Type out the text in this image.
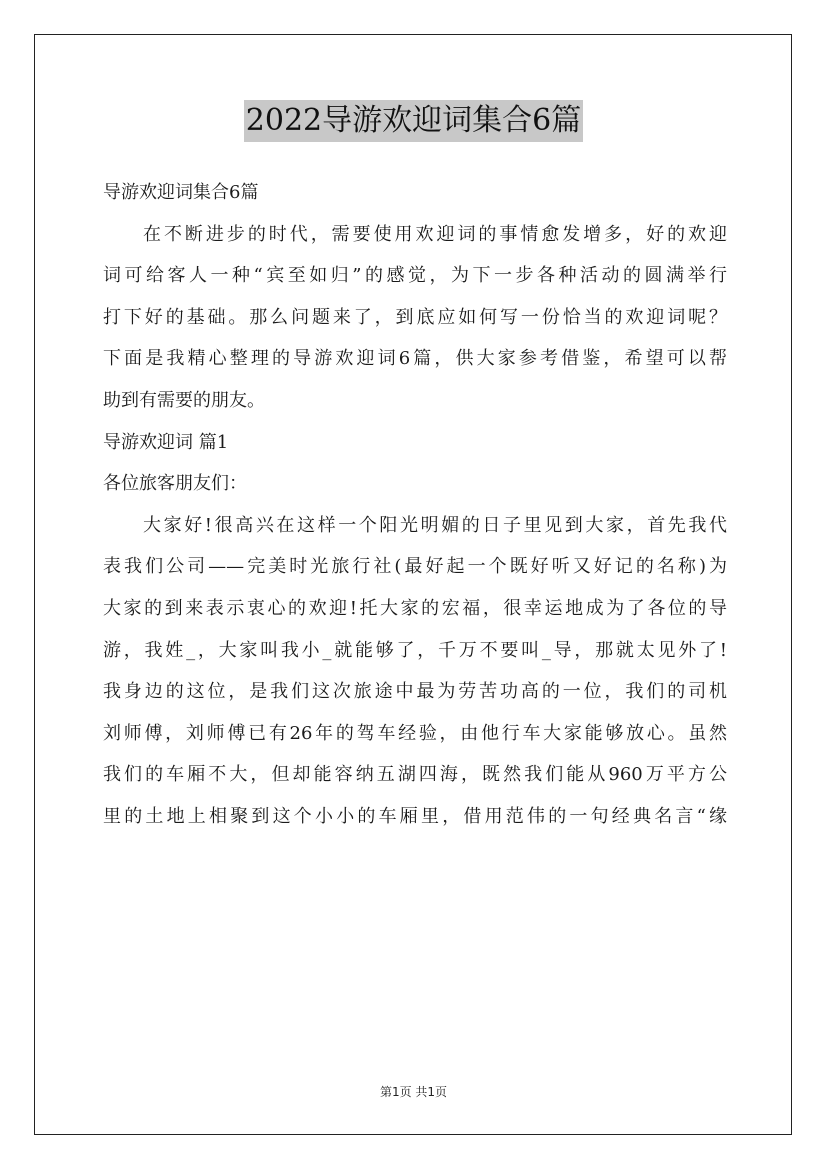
2022导游欢迎词集合6篇
导游欢迎词集合6篇
在不断进步的时代，需要使用欢迎词的事情愈发增多，好的欢迎
词可给客人一种“宾至如归”的感觉，为下一步各种活动的圆满举行
打下好的基础。那么问题来了，到底应如何写一份恰当的欢迎词呢？
下面是我精心整理的导游欢迎词6篇，供大家参考借鉴，希望可以帮
助到有需要的朋友。
导游欢迎词 篇1
各位旅客朋友们：
大家好!很高兴在这样一个阳光明媚的日子里见到大家，首先我代
表我们公司——完美时光旅行社(最好起一个既好听又好记的名称)为
大家的到来表示衷心的欢迎!托大家的宏福，很幸运地成为了各位的导
游，我姓_，大家叫我小_就能够了，千万不要叫_导，那就太见外了!
我身边的这位，是我们这次旅途中最为劳苦功高的一位，我们的司机
刘师傅，刘师傅已有26年的驾车经验，由他行车大家能够放心。虽然
我们的车厢不大，但却能容纳五湖四海，既然我们能从960万平方公
里的土地上相聚到这个小小的车厢里，借用范伟的一句经典名言“缘
第1页 共1页
